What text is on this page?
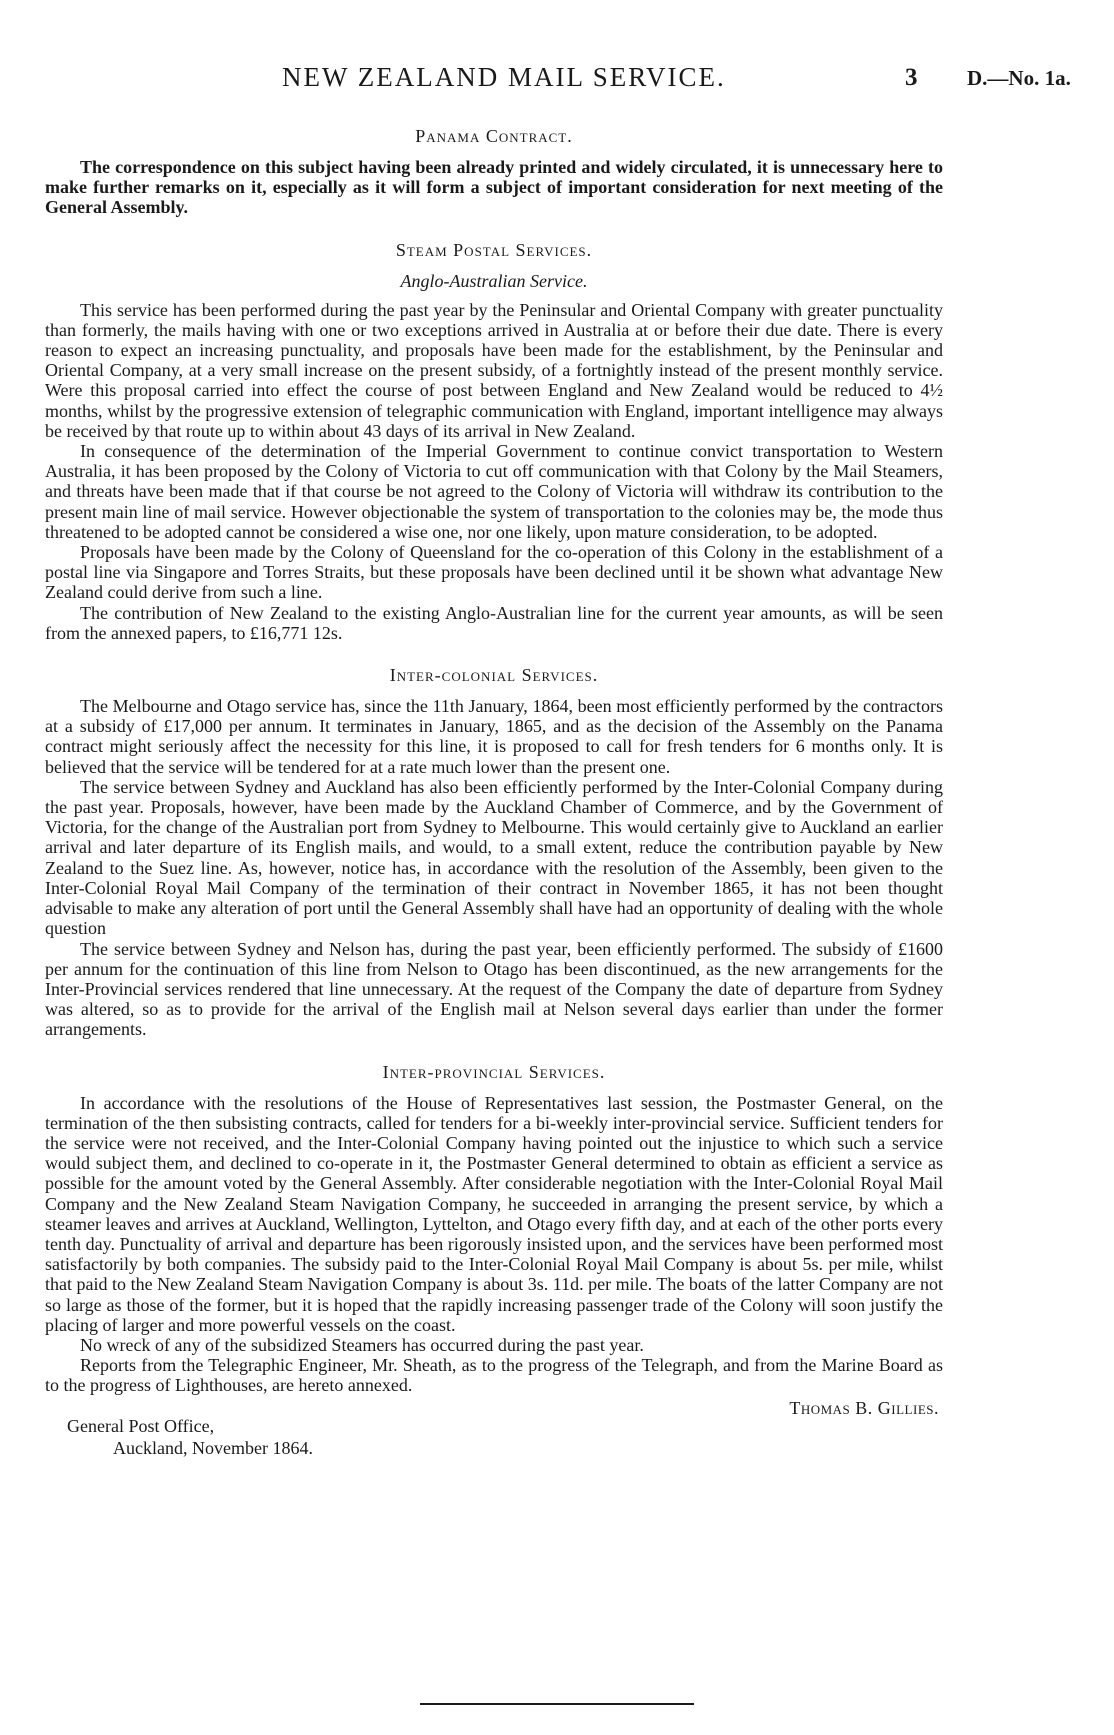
NEW ZEALAND MAIL SERVICE.	3 D.—No. 1a.
Panama Contract.

The correspondence on this subject having been already printed and widely circulated, it is unnecessary here to make further remarks on it, especially as it will form a subject of important consideration for next meeting of the General Assembly.

Steam Postal Services.
Anglo-Australian Service.

This service has been performed during the past year by the Peninsular and Oriental Company with greater punctuality than formerly, the mails having with one or two exceptions arrived in Australia at or before their due date. There is every reason to expect an increasing punctuality, and proposals have been made for the establishment, by the Peninsular and Oriental Company, at a very small increase on the present subsidy, of a fortnightly instead of the present monthly service. Were this proposal carried into effect the course of post between England and New Zealand would be reduced to 4½ months, whilst by the progressive extension of telegraphic communication with England, important intelligence may always be received by that route up to within about 43 days of its arrival in New Zealand.

In consequence of the determination of the Imperial Government to continue convict transportation to Western Australia, it has been proposed by the Colony of Victoria to cut off communication with that Colony by the Mail Steamers, and threats have been made that if that course be not agreed to the Colony of Victoria will withdraw its contribution to the present main line of mail service. However objectionable the system of transportation to the colonies may be, the mode thus threatened to be adopted cannot be considered a wise one, nor one likely, upon mature consideration, to be adopted.

Proposals have been made by the Colony of Queensland for the co-operation of this Colony in the establishment of a postal line via Singapore and Torres Straits, but these proposals have been declined until it be shown what advantage New Zealand could derive from such a line.

The contribution of New Zealand to the existing Anglo-Australian line for the current year amounts, as will be seen from the annexed papers, to £16,771 12s.

Inter-colonial Services.

The Melbourne and Otago service has, since the 11th January, 1864, been most efficiently performed by the contractors at a subsidy of £17,000 per annum. It terminates in January, 1865, and as the decision of the Assembly on the Panama contract might seriously affect the necessity for this line, it is proposed to call for fresh tenders for 6 months only. It is believed that the service will be tendered for at a rate much lower than the present one.

The service between Sydney and Auckland has also been efficiently performed by the Inter-Colonial Company during the past year. Proposals, however, have been made by the Auckland Chamber of Commerce, and by the Government of Victoria, for the change of the Australian port from Sydney to Melbourne. This would certainly give to Auckland an earlier arrival and later departure of its English mails, and would, to a small extent, reduce the contribution payable by New Zealand to the Suez line. As, however, notice has, in accordance with the resolution of the Assembly, been given to the Inter-Colonial Royal Mail Company of the termination of their contract in November 1865, it has not been thought advisable to make any alteration of port until the General Assembly shall have had an opportunity of dealing with the whole question

The service between Sydney and Nelson has, during the past year, been efficiently performed. The subsidy of £1600 per annum for the continuation of this line from Nelson to Otago has been discontinued, as the new arrangements for the Inter-Provincial services rendered that line unnecessary. At the request of the Company the date of departure from Sydney was altered, so as to provide for the arrival of the English mail at Nelson several days earlier than under the former arrangements.

Inter-provincial Services.

In accordance with the resolutions of the House of Representatives last session, the Postmaster General, on the termination of the then subsisting contracts, called for tenders for a bi-weekly inter-provincial service. Sufficient tenders for the service were not received, and the Inter-Colonial Company having pointed out the injustice to which such a service would subject them, and declined to co-operate in it, the Postmaster General determined to obtain as efficient a service as possible for the amount voted by the General Assembly. After considerable negotiation with the Inter-Colonial Royal Mail Company and the New Zealand Steam Navigation Company, he succeeded in arranging the present service, by which a steamer leaves and arrives at Auckland, Wellington, Lyttelton, and Otago every fifth day, and at each of the other ports every tenth day. Punctuality of arrival and departure has been rigorously insisted upon, and the services have been performed most satisfactorily by both companies. The subsidy paid to the Inter-Colonial Royal Mail Company is about 5s. per mile, whilst that paid to the New Zealand Steam Navigation Company is about 3s. 11d. per mile. The boats of the latter Company are not so large as those of the former, but it is hoped that the rapidly increasing passenger trade of the Colony will soon justify the placing of larger and more powerful vessels on the coast.

No wreck of any of the subsidized Steamers has occurred during the past year.

Reports from the Telegraphic Engineer, Mr. Sheath, as to the progress of the Telegraph, and from the Marine Board as to the progress of Lighthouses, are hereto annexed.

Thomas B. Gillies.
General Post Office,
Auckland, November 1864.
